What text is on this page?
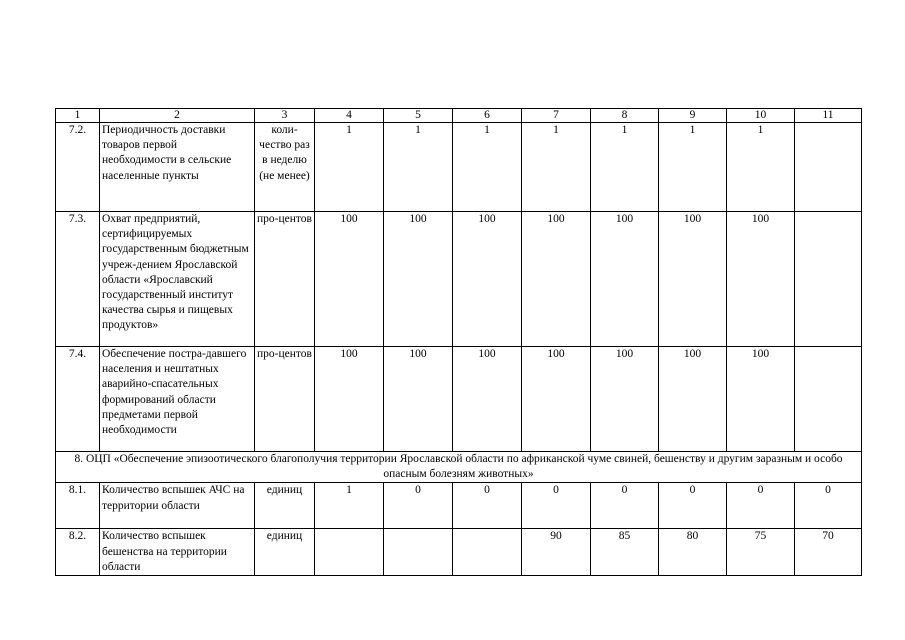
1	2	3	4	5	6	7	8	9	10	11
7.2.	Периодичность доставки товаров первой необходимости в сельские населенные пункты	коли-чество раз в неделю (не менее)	1	1	1	1	1	1	1	
7.3.	Охват предприятий, сертифицируемых государственным бюджетным учреж-дением Ярославской области «Ярославский государственный институт качества сырья и пищевых продуктов»	про-центов	100	100	100	100	100	100	100	
7.4.	Обеспечение постра-давшего населения и нештатных аварийно-спасательных формирований области предметами первой необходимости	про-центов	100	100	100	100	100	100	100	
8. ОЦП «Обеспечение эпизоотического благополучия территории Ярославской области по африканской чуме свиней, бешенству и другим заразным и особо опасным болезням животных»										
8.1.	Количество вспышек АЧС на территории области	единиц	1	0	0	0	0	0	0	0
8.2.	Количество вспышек бешенства на территории области	единиц				90	85	80	75	70
